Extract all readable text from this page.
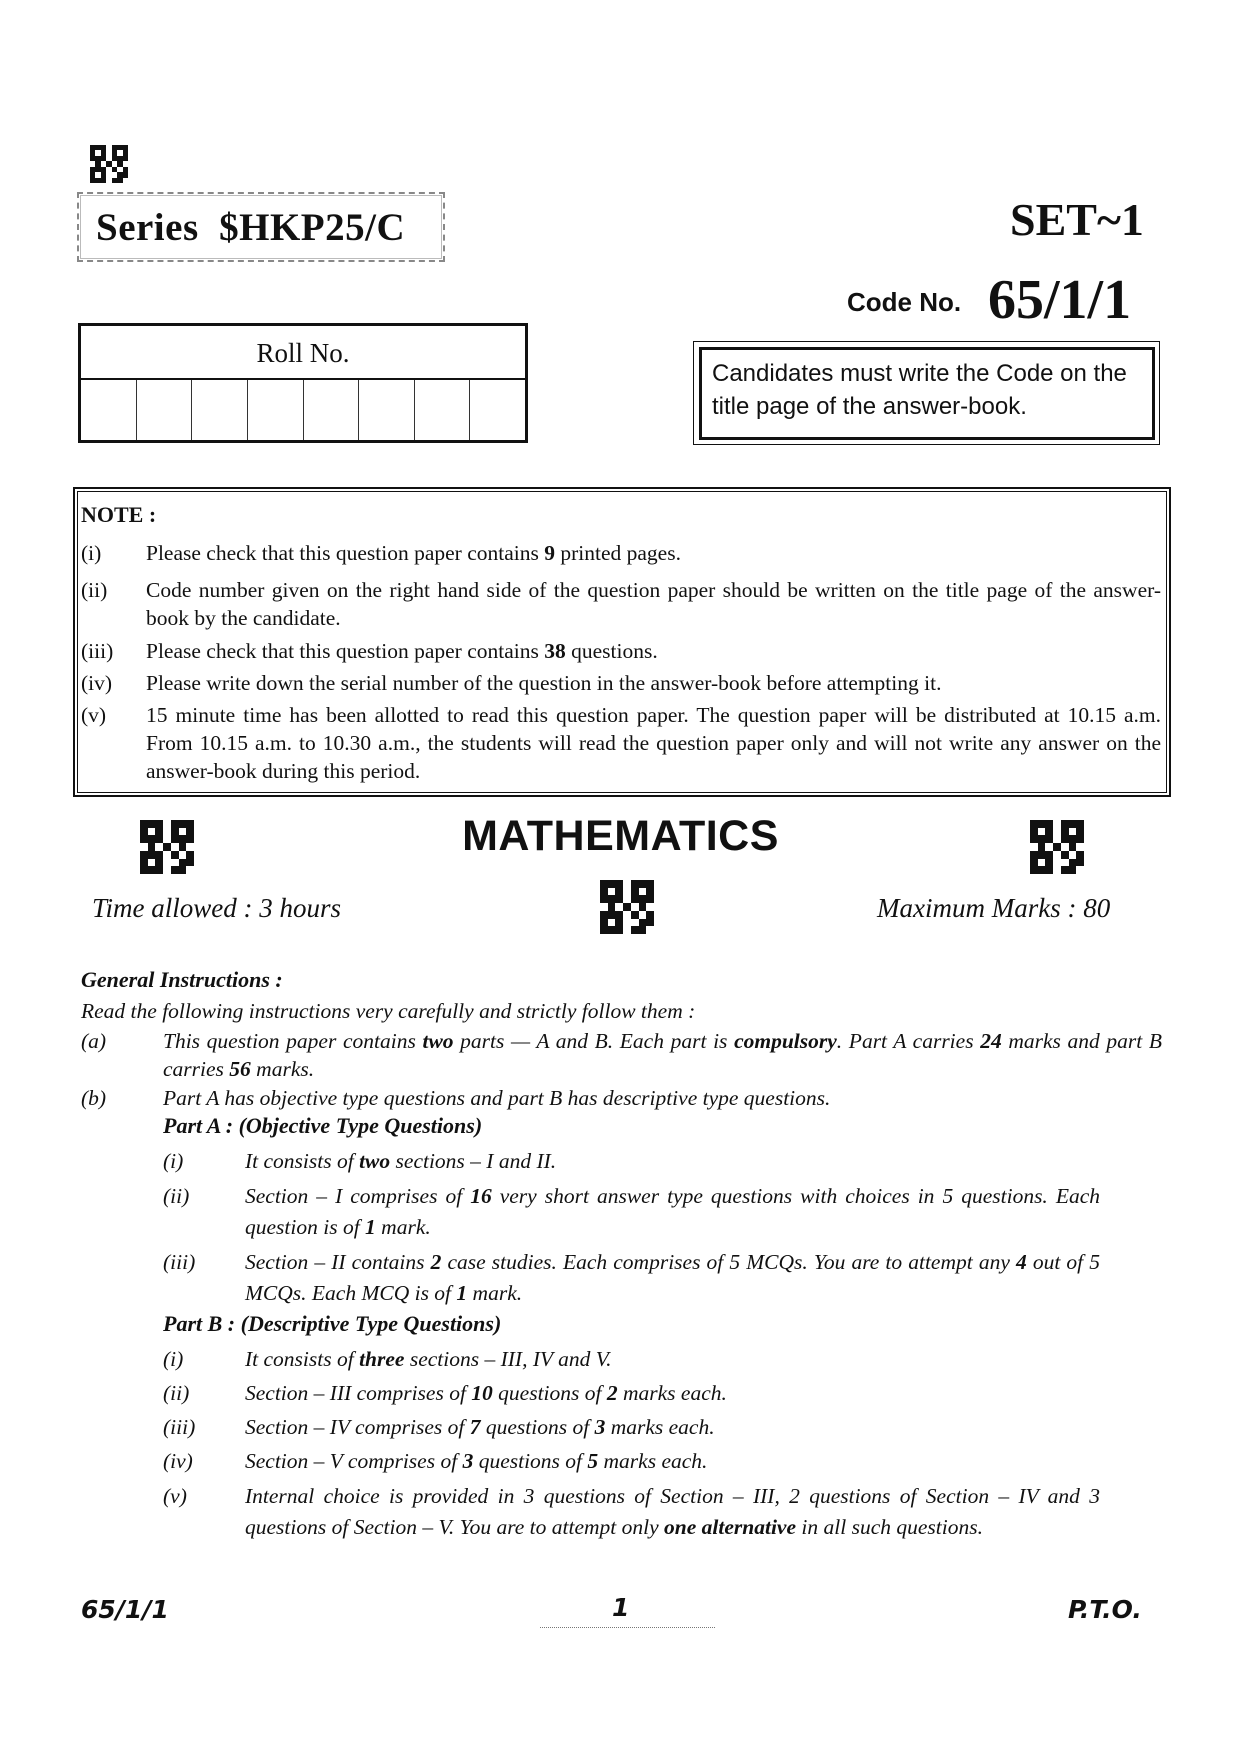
Series  $HKP25/C	SET~1
Code No. 65/1/1
Roll No.
Candidates must write the Code on the title page of the answer-book.
NOTE :
(i) Please check that this question paper contains 9 printed pages.
(ii) Code number given on the right hand side of the question paper should be written on the title page of the answer-book by the candidate.
(iii) Please check that this question paper contains 38 questions.
(iv) Please write down the serial number of the question in the answer-book before attempting it.
(v) 15 minute time has been allotted to read this question paper. The question paper will be distributed at 10.15 a.m. From 10.15 a.m. to 10.30 a.m., the students will read the question paper only and will not write any answer on the answer-book during this period.
MATHEMATICS
Time allowed : 3 hours	Maximum Marks : 80
General Instructions :
Read the following instructions very carefully and strictly follow them :
(a)	This question paper contains two parts — A and B. Each part is compulsory. Part A carries 24 marks and part B carries 56 marks.
(b)	Part A has objective type questions and part B has descriptive type questions.
Part A : (Objective Type Questions)
(i)	It consists of two sections – I and II.
(ii)	Section – I comprises of 16 very short answer type questions with choices in 5 questions. Each question is of 1 mark.
(iii) Section – II contains 2 case studies. Each comprises of 5 MCQs. You are to attempt any 4 out of 5 MCQs. Each MCQ is of 1 mark.
Part B : (Descriptive Type Questions)
(i)	It consists of three sections – III, IV and V.
(ii)	Section – III comprises of 10 questions of 2 marks each.
(iii) Section – IV comprises of 7 questions of 3 marks each.
(iv) Section – V comprises of 3 questions of 5 marks each.
(v)	Internal choice is provided in 3 questions of Section – III, 2 questions of Section – IV and 3 questions of Section – V. You are to attempt only one alternative in all such questions.
65/1/1	1	P.T.O.
